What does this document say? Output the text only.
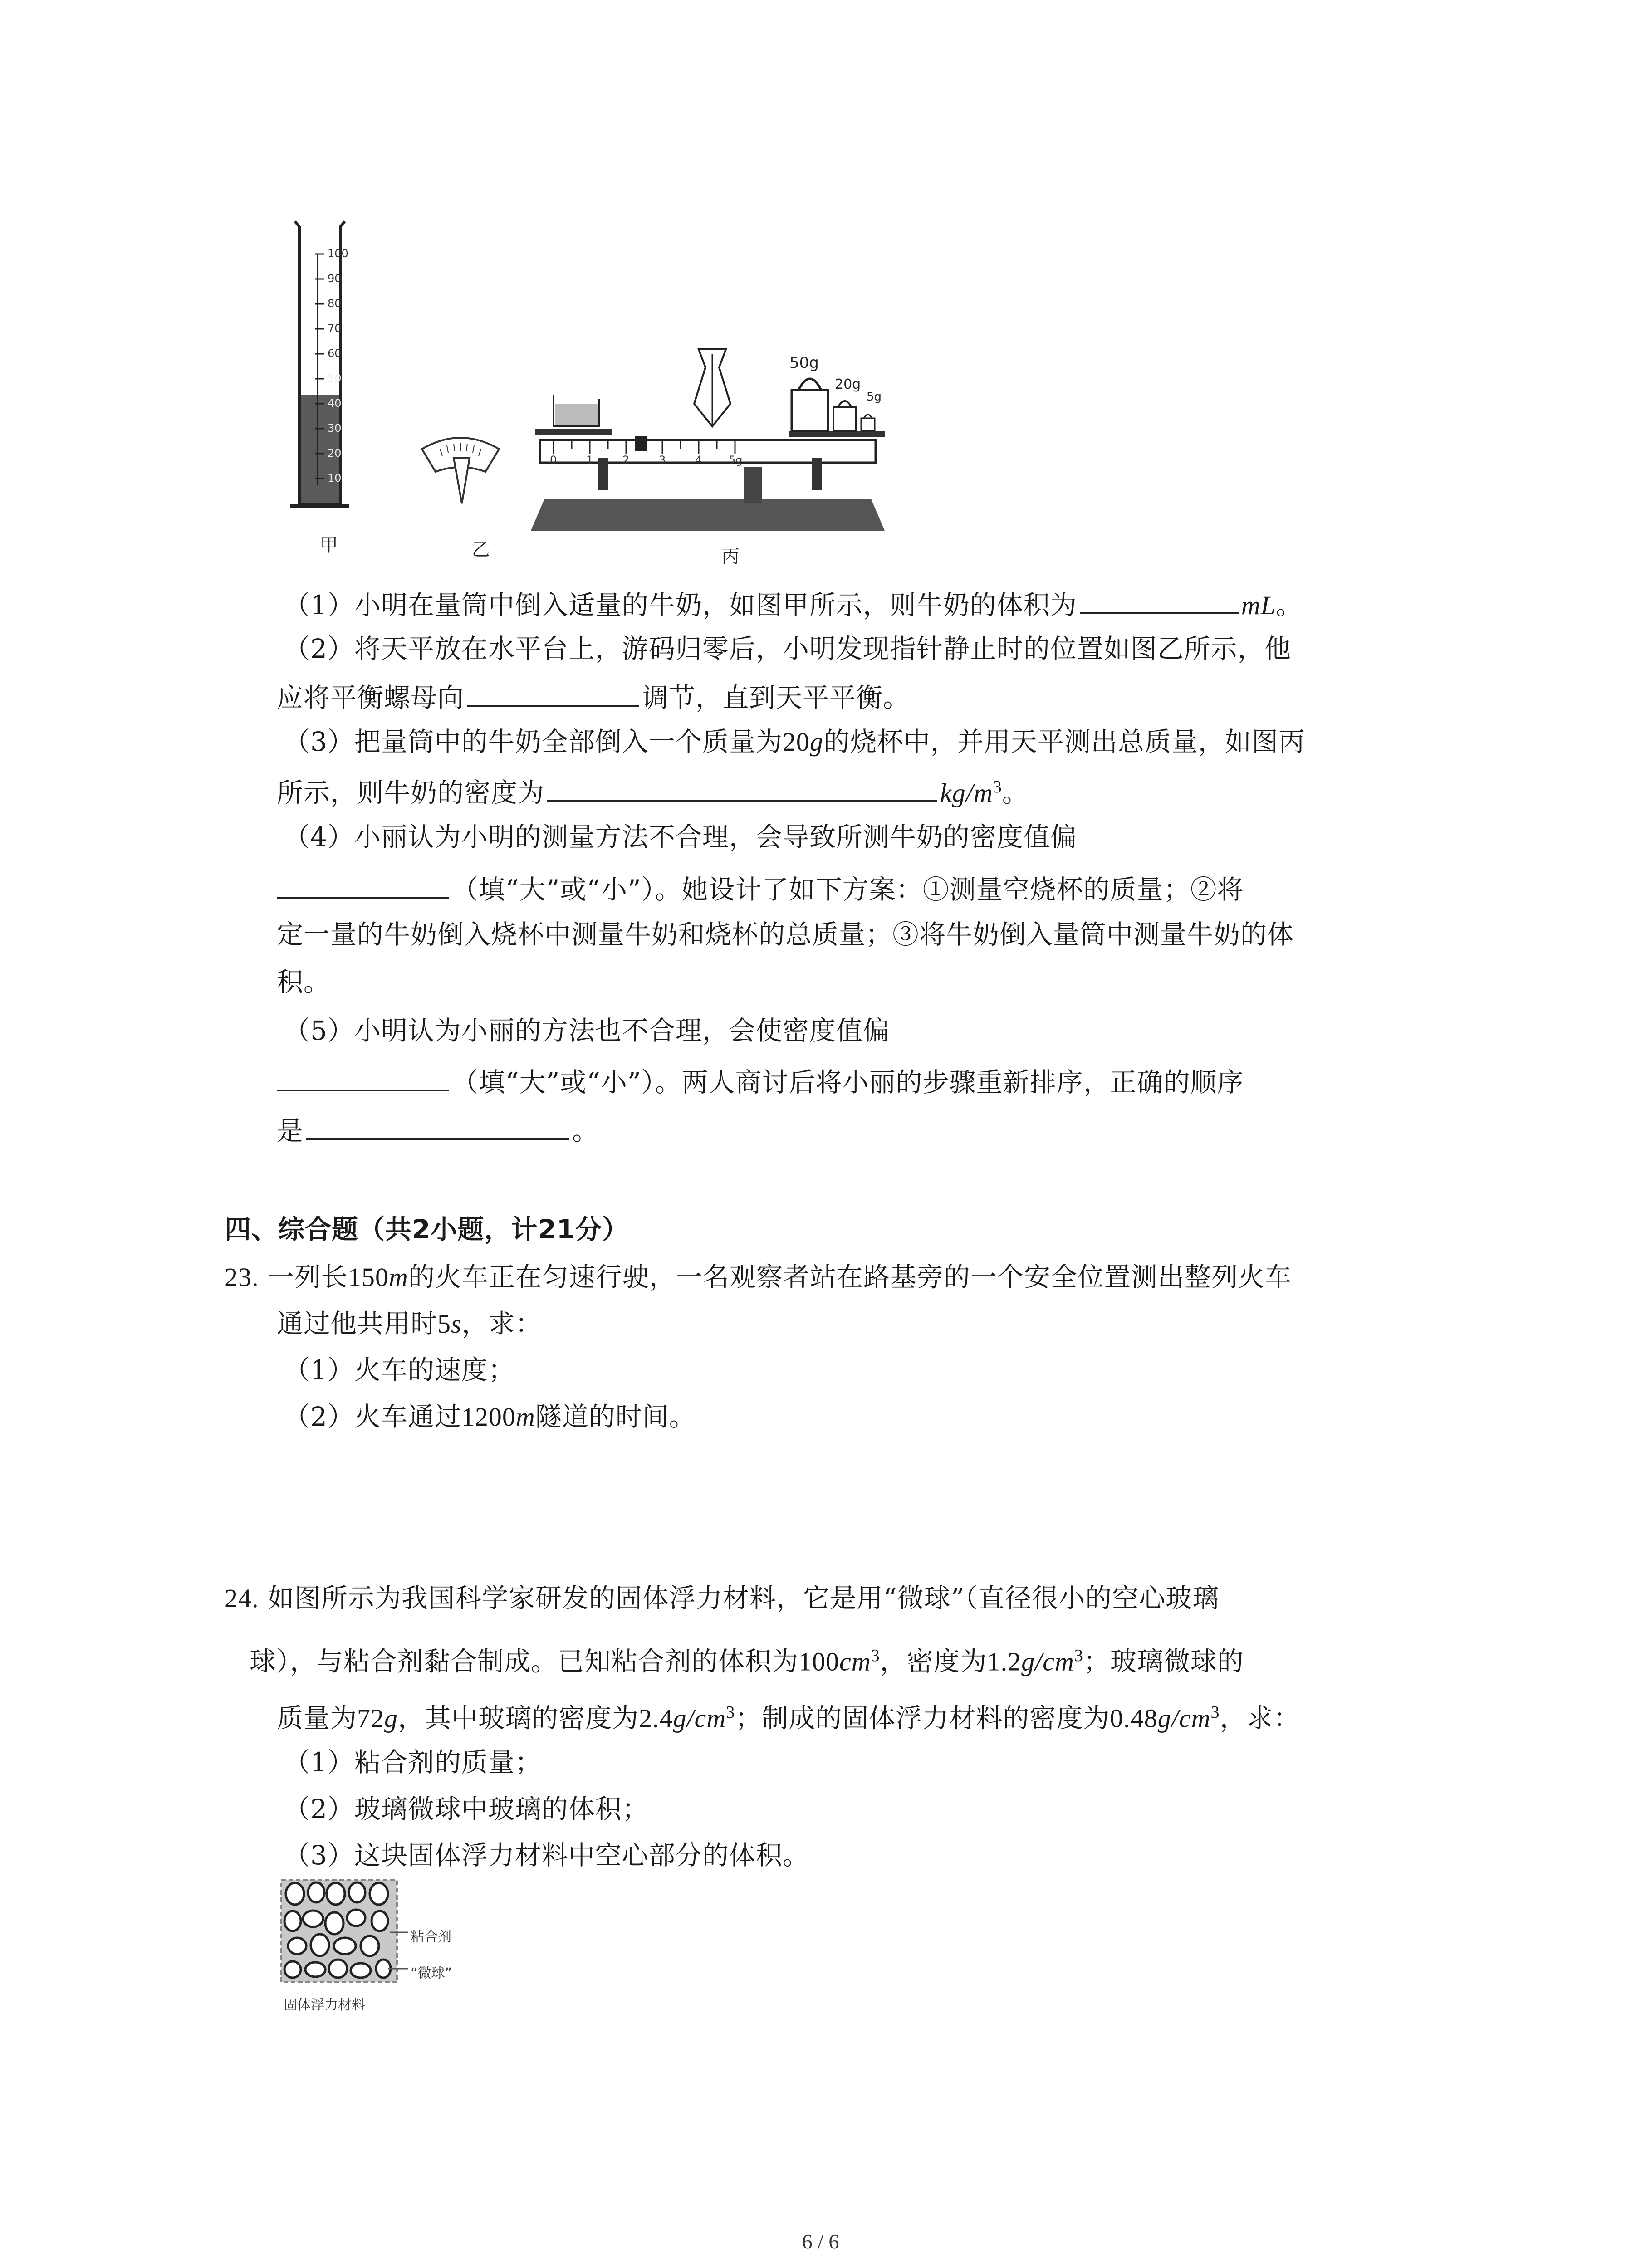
100
90
80
70
60
50
40
30
20
10
0	1	2	3	4 5g
50g
20g
5g
甲	乙	丙
（1）小明在量筒中倒入适量的牛奶，如图甲所示，则牛奶的体积为	mL。
（2）将天平放在水平台上，游码归零后，小明发现指针静止时的位置如图乙所示，他
应将平衡螺母向	调节，直到天平平衡。
（3）把量筒中的牛奶全部倒入一个质量为20g的烧杯中，并用天平测出总质量，如图丙
所示，则牛奶的密度为	$kg/m^3$。
（4）小丽认为小明的测量方法不合理，会导致所测牛奶的密度值偏
（填“大”或“小”）。她设计了如下方案：①测量空烧杯的质量；②将
定一量的牛奶倒入烧杯中测量牛奶和烧杯的总质量；③将牛奶倒入量筒中测量牛奶的体
积。
（5）小明认为小丽的方法也不合理，会使密度值偏
（填“大”或“小”）。两人商讨后将小丽的步骤重新排序，正确的顺序
是	。
四、综合题（共2小题，计21分）
23. 一列长150m的火车正在匀速行驶，一名观察者站在路基旁的一个安全位置测出整列火车
通过他共用时5s，求：
（1）火车的速度；
（2）火车通过1200m隧道的时间。
24. 如图所示为我国科学家研发的固体浮力材料，它是用“微球”（直径很小的空心玻璃
球），与粘合剂黏合制成。已知粘合剂的体积为$100cm^3$，密度为$1.2g/cm^3$；玻璃微球的
质量为72g，其中玻璃的密度为$2.4g/cm^3$；制成的固体浮力材料的密度为$0.48g/cm^3$，求：
（1）粘合剂的质量；
（2）玻璃微球中玻璃的体积；
（3）这块固体浮力材料中空心部分的体积。
粘合剂
“微球”
固体浮力材料
6 / 6
